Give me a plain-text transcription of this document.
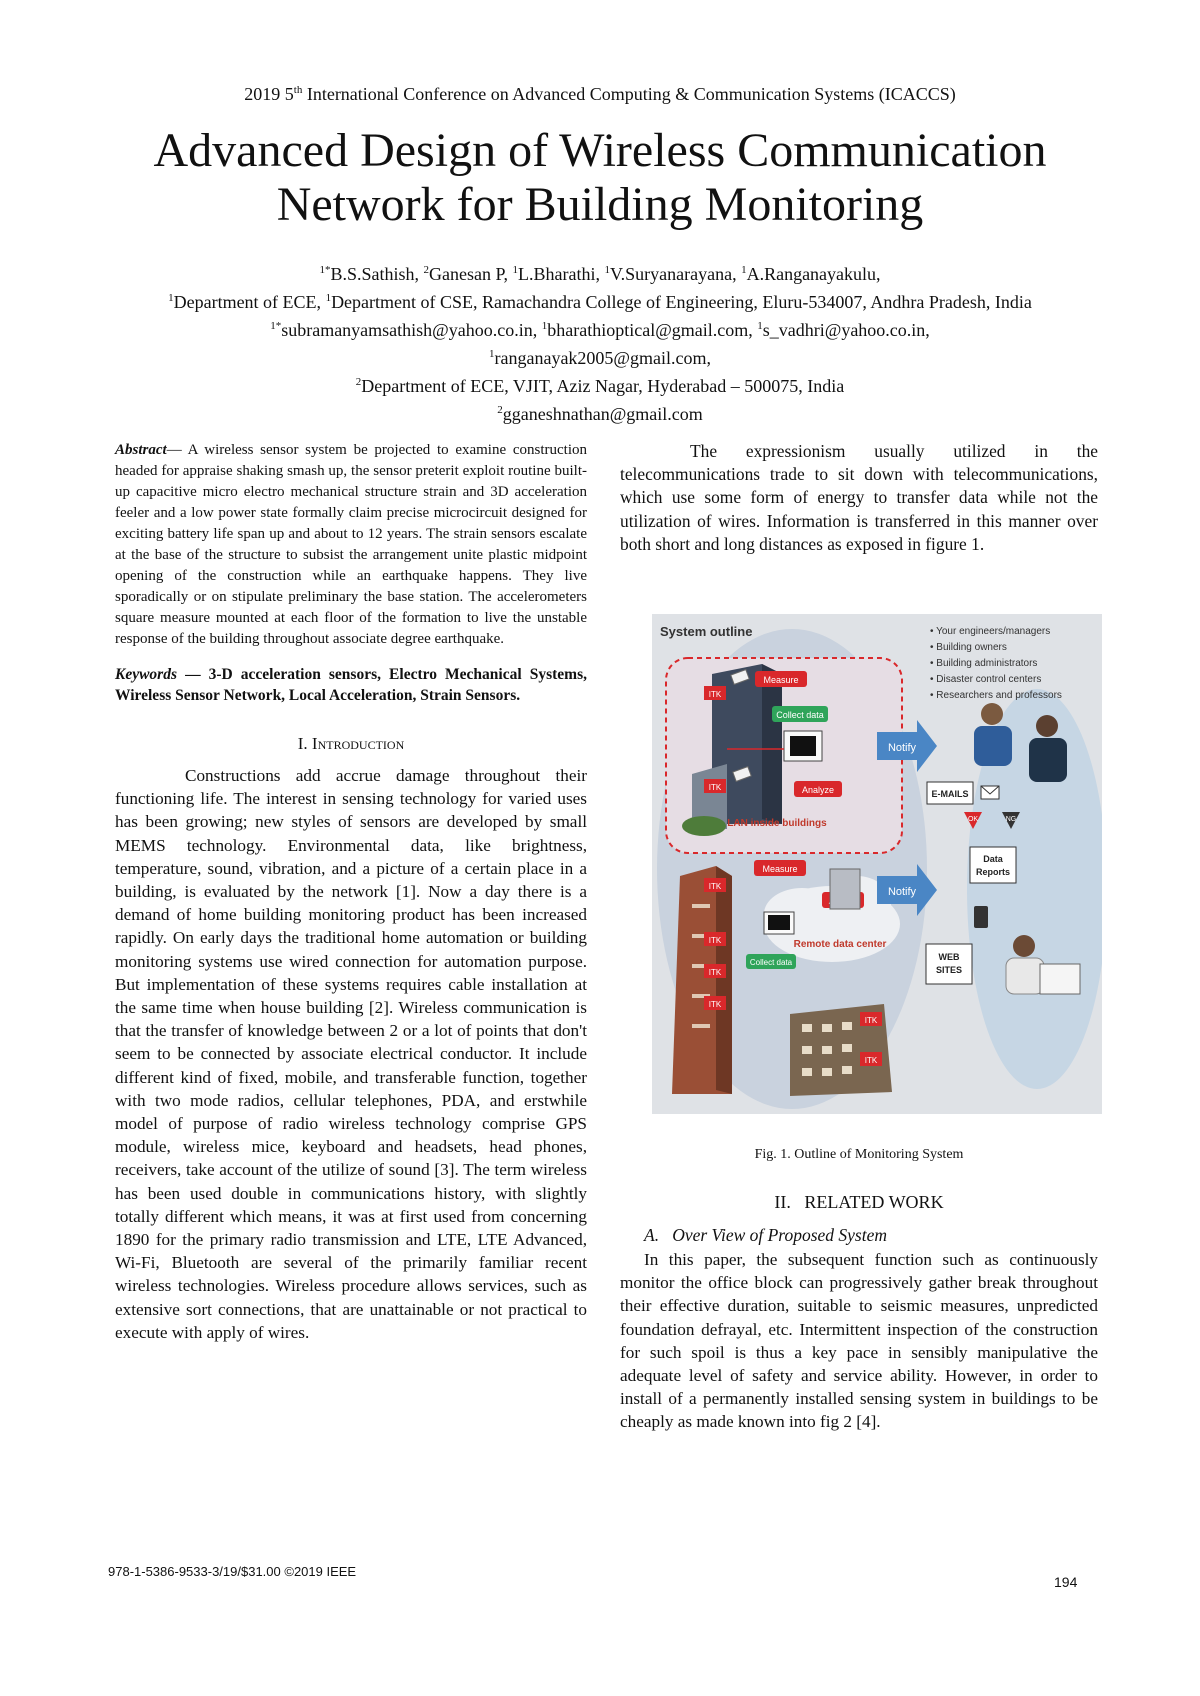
2019 5th International Conference on Advanced Computing & Communication Systems (ICACCS)
Advanced Design of Wireless Communication
Network for Building Monitoring
$^{1*}$B.S.Sathish, $^2$Ganesan P, $^1$L.Bharathi, $^1$V.Suryanarayana, $^1$A.Ranganayakulu,
$^1$Department of ECE, $^1$Department of CSE, Ramachandra College of Engineering, Eluru-534007, Andhra Pradesh, India
$^{1*}$subramanyamsathish@yahoo.co.in, $^1$bharathioptical@gmail.com, $^1$s_vadhri@yahoo.co.in,
$^1$ranganayak2005@gmail.com,
$^2$Department of ECE, VJIT, Aziz Nagar, Hyderabad – 500075, India
$^2$gganeshnathan@gmail.com

Abstract— A wireless sensor system be projected to examine construction headed for appraise shaking smash up, the sensor preterit exploit routine built-up capacitive micro electro mechanical structure strain and 3D acceleration feeler and a low power state formally claim precise microcircuit designed for exciting battery life span up and about to 12 years. The strain sensors escalate at the base of the structure to subsist the arrangement unite plastic midpoint opening of the construction while an earthquake happens. They live sporadically or on stipulate preliminary the base station. The accelerometers square measure mounted at each floor of the formation to live the unstable response of the building throughout associate degree earthquake.

Keywords — 3-D acceleration sensors, Electro Mechanical Systems, Wireless Sensor Network, Local Acceleration, Strain Sensors.

I. Introduction

Constructions add accrue damage throughout their functioning life. The interest in sensing technology for varied uses has been growing; new styles of sensors are developed by small MEMS technology. Environmental data, like brightness, temperature, sound, vibration, and a picture of a certain place in a building, is evaluated by the network [1]. Now a day there is a demand of home building monitoring product has been increased rapidly. On early days the traditional home automation or building monitoring systems use wired connection for automation purpose. But implementation of these systems requires cable installation at the same time when house building [2]. Wireless communication is that the transfer of knowledge between 2 or a lot of points that don't seem to be connected by associate electrical conductor. It include different kind of fixed, mobile, and transferable function, together with two mode radios, cellular telephones, PDA, and erstwhile model of purpose of radio wireless technology comprise GPS module, wireless mice, keyboard and headsets, head phones, receivers, take account of the utilize of sound [3]. The term wireless has been used double in communications history, with slightly totally different which means, it was at first used from concerning 1890 for the primary radio transmission and LTE, LTE Advanced, Wi-Fi, Bluetooth are several of the primarily familiar recent wireless technologies. Wireless procedure allows services, such as extensive sort connections, that are unattainable or not practical to execute with apply of wires.

The expressionism usually utilized in the telecommunications trade to sit down with telecommunications, which use some form of energy to transfer data while not the utilization of wires. Information is transferred in this manner over both short and long distances as exposed in figure 1.

System outline	• Your engineers/managers
• Building owners
• Building administrators
• Disaster control centers
• Researchers and professors
ITK
ITK
Measure
Collect data
Analyze
LAN inside buildings
Notify
Notify
E-MAILS
OK	NG
Data
Reports
WEB
SITES
ITK
ITK
ITK
ITK
ITK
ITK
Measure
Collect data
Remote data center
Fig. 1. Outline of Monitoring System
II. RELATED WORK
A. Over View of Proposed System

In this paper, the subsequent function such as continuously monitor the office block can progressively gather break throughout their effective duration, suitable to seismic measures, unpredicted foundation defrayal, etc. Intermittent inspection of the construction for such spoil is thus a key pace in sensibly manipulative the adequate level of safety and service ability. However, in order to install of a permanently installed sensing system in buildings to be cheaply as made known into fig 2 [4].

978-1-5386-9533-3/19/$31.00 ©2019 IEEE
194
